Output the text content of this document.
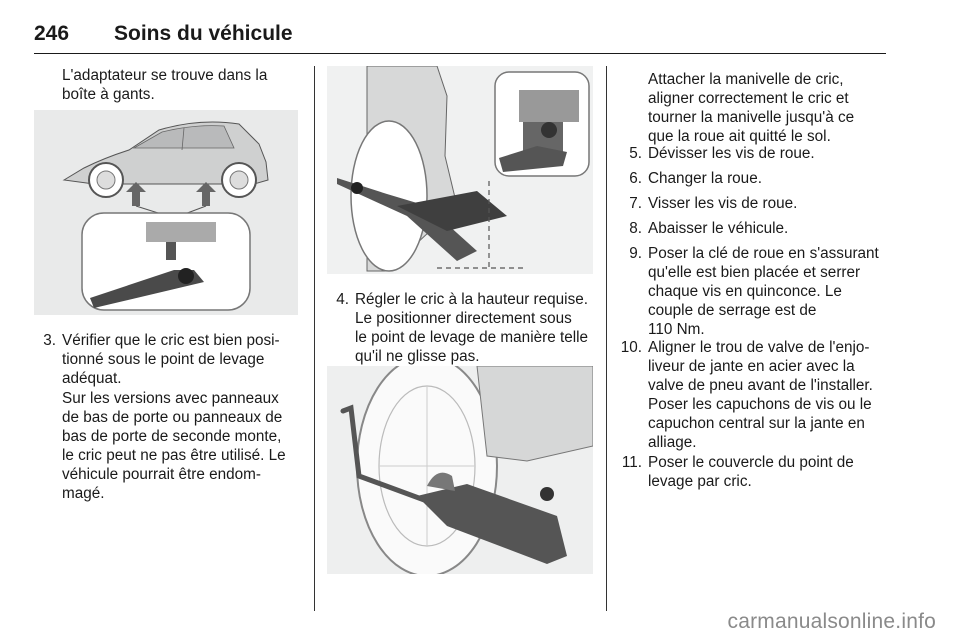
246 Soins du véhicule
L'adaptateur se trouve dans la
boîte à gants.
3. Vérifier que le cric est bien posi-
tionné sous le point de levage
adéquat.
Sur les versions avec panneaux
de bas de porte ou panneaux de
bas de porte de seconde monte,
le cric peut ne pas être utilisé. Le
véhicule pourrait être endom-
magé.
4. Régler le cric à la hauteur requise.
Le positionner directement sous
le point de levage de manière telle
qu'il ne glisse pas.
Attacher la manivelle de cric,
aligner correctement le cric et
tourner la manivelle jusqu'à ce
que la roue ait quitté le sol.
5. Dévisser les vis de roue.
6. Changer la roue.
7. Visser les vis de roue.
8. Abaisser le véhicule.
9. Poser la clé de roue en s'assurant
qu'elle est bien placée et serrer
chaque vis en quinconce. Le
couple de serrage est de
110 Nm.
10. Aligner le trou de valve de l'enjo-
liveur de jante en acier avec la
valve de pneu avant de l'installer.
Poser les capuchons de vis ou le
capuchon central sur la jante en
alliage.
11. Poser le couvercle du point de
levage par cric.
carmanualsonline.info
